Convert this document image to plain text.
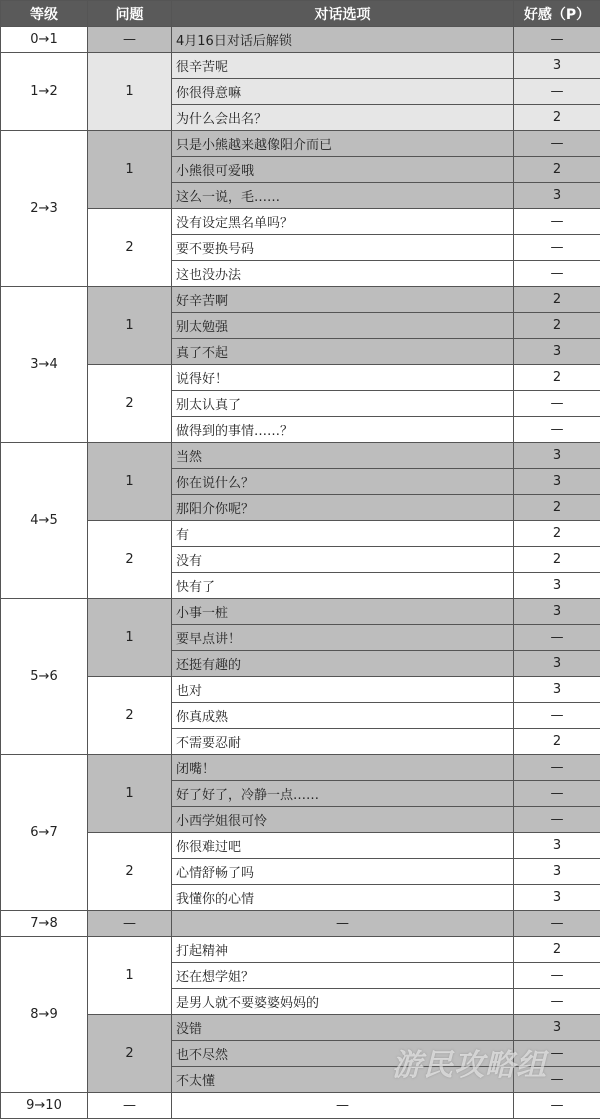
等级	问题	对话选项	好感（P）
0→1	—	4月16日对话后解锁	—
1→2	1	很辛苦呢	3
		你很得意嘛	—
		为什么会出名？	2
2→3	1	只是小熊越来越像阳介而已	—
		小熊很可爱哦	2
		这么一说，毛……	3
	2	没有设定黑名单吗？	—
		要不要换号码	—
		这也没办法	—
3→4	1	好辛苦啊	2
		别太勉强	2
		真了不起	3
	2	说得好！	2
		别太认真了	—
		做得到的事情……？	—
4→5	1	当然	3
		你在说什么？	3
		那阳介你呢？	2
	2	有	2
		没有	2
		快有了	3
5→6	1	小事一桩	3
		要早点讲！	—
		还挺有趣的	3
	2	也对	3
		你真成熟	—
		不需要忍耐	2
6→7	1	闭嘴！	—
		好了好了，冷静一点……	—
		小西学姐很可怜	—
	2	你很难过吧	3
		心情舒畅了吗	3
		我懂你的心情	3
7→8	—	—	—
8→9	1	打起精神	2
		还在想学姐？	—
		是男人就不要婆婆妈妈的	—
	2	没错	3
		也不尽然	—
		不太懂	—
9→10	—	—	—
游民攻略组
